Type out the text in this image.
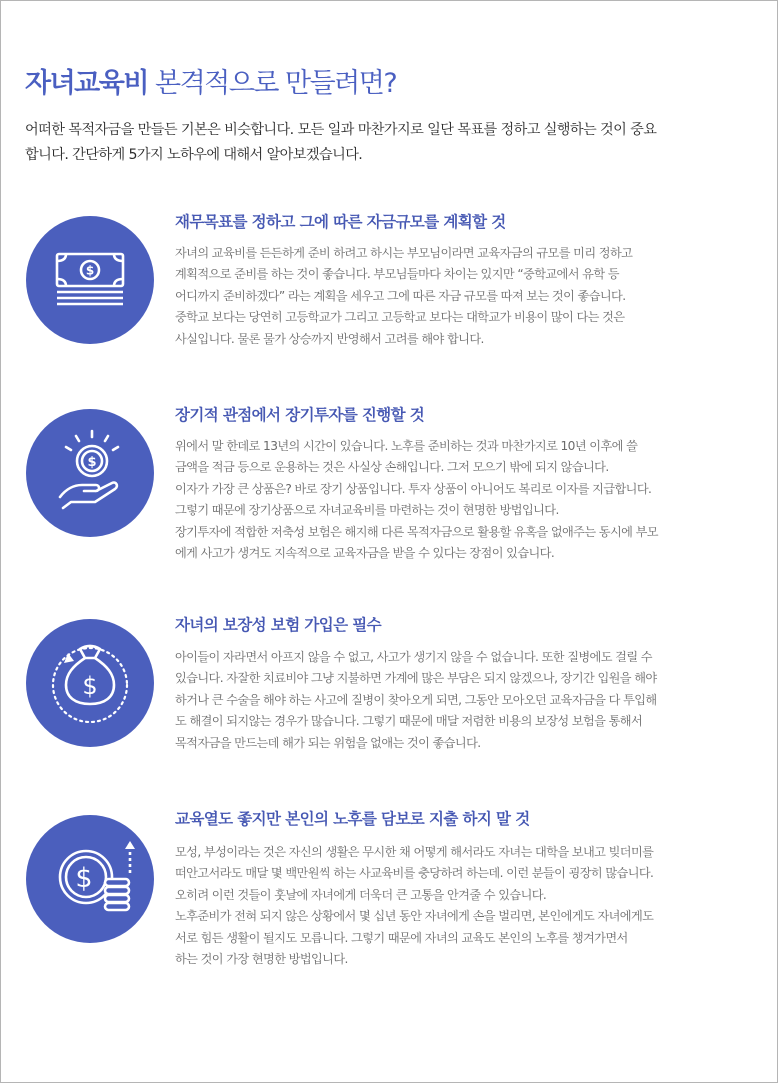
자녀교육비 본격적으로 만들려면?

어떠한 목적자금을 만들든 기본은 비슷합니다. 모든 일과 마찬가지로 일단 목표를 정하고 실행하는 것이 중요
합니다. 간단하게 5가지 노하우에 대해서 알아보겠습니다.

$
재무목표를 정하고 그에 따른 자금규모를 계획할 것

자녀의 교육비를 든든하게 준비 하려고 하시는 부모님이라면 교육자금의 규모를 미리 정하고
계획적으로 준비를 하는 것이 좋습니다. 부모님들마다 차이는 있지만 “중학교에서 유학 등
어디까지 준비하겠다” 라는 계획을 세우고 그에 따른 자금 규모를 따져 보는 것이 좋습니다.
중학교 보다는 당연히 고등학교가 그리고 고등학교 보다는 대학교가 비용이 많이 다는 것은
사실입니다. 물론 물가 상승까지 반영해서 고려를 해야 합니다.

$
장기적 관점에서 장기투자를 진행할 것

위에서 말 한데로 13년의 시간이 있습니다. 노후를 준비하는 것과 마찬가지로 10년 이후에 쓸
금액을 적금 등으로 운용하는 것은 사실상 손해입니다. 그저 모으기 밖에 되지 않습니다.
이자가 가장 큰 상품은? 바로 장기 상품입니다. 투자 상품이 아니어도 복리로 이자를 지급합니다.
그렇기 때문에 장기상품으로 자녀교육비를 마련하는 것이 현명한 방법입니다.
장기투자에 적합한 저축성 보험은 해지해 다른 목적자금으로 활용할 유혹을 없애주는 동시에 부모
에게 사고가 생겨도 지속적으로 교육자금을 받을 수 있다는 장점이 있습니다.

$
자녀의 보장성 보험 가입은 필수

아이들이 자라면서 아프지 않을 수 없고, 사고가 생기지 않을 수 없습니다. 또한 질병에도 걸릴 수
있습니다. 자잘한 치료비야 그냥 지불하면 가계에 많은 부담은 되지 않겠으나, 장기간 입원을 해야
하거나 큰 수술을 해야 하는 사고에 질병이 찾아오게 되면, 그동안 모아오던 교육자금을 다 투입해
도 해결이 되지않는 경우가 많습니다. 그렇기 때문에 매달 저렴한 비용의 보장성 보험을 통해서
목적자금을 만드는데 해가 되는 위험을 없애는 것이 좋습니다.

$
교육열도 좋지만 본인의 노후를 담보로 지출 하지 말 것

모성, 부성이라는 것은 자신의 생활은 무시한 채 어떻게 해서라도 자녀는 대학을 보내고 빚더미를
떠안고서라도 매달 몇 백만원씩 하는 사교육비를 충당하려 하는데. 이런 분들이 굉장히 많습니다.
오히려 이런 것들이 훗날에 자녀에게 더욱더 큰 고통을 안겨줄 수 있습니다.
노후준비가 전혀 되지 않은 상황에서 몇 십년 동안 자녀에게 손을 벌리면, 본인에게도 자녀에게도
서로 힘든 생활이 될지도 모릅니다. 그렇기 때문에 자녀의 교육도 본인의 노후를 챙겨가면서
하는 것이 가장 현명한 방법입니다.
